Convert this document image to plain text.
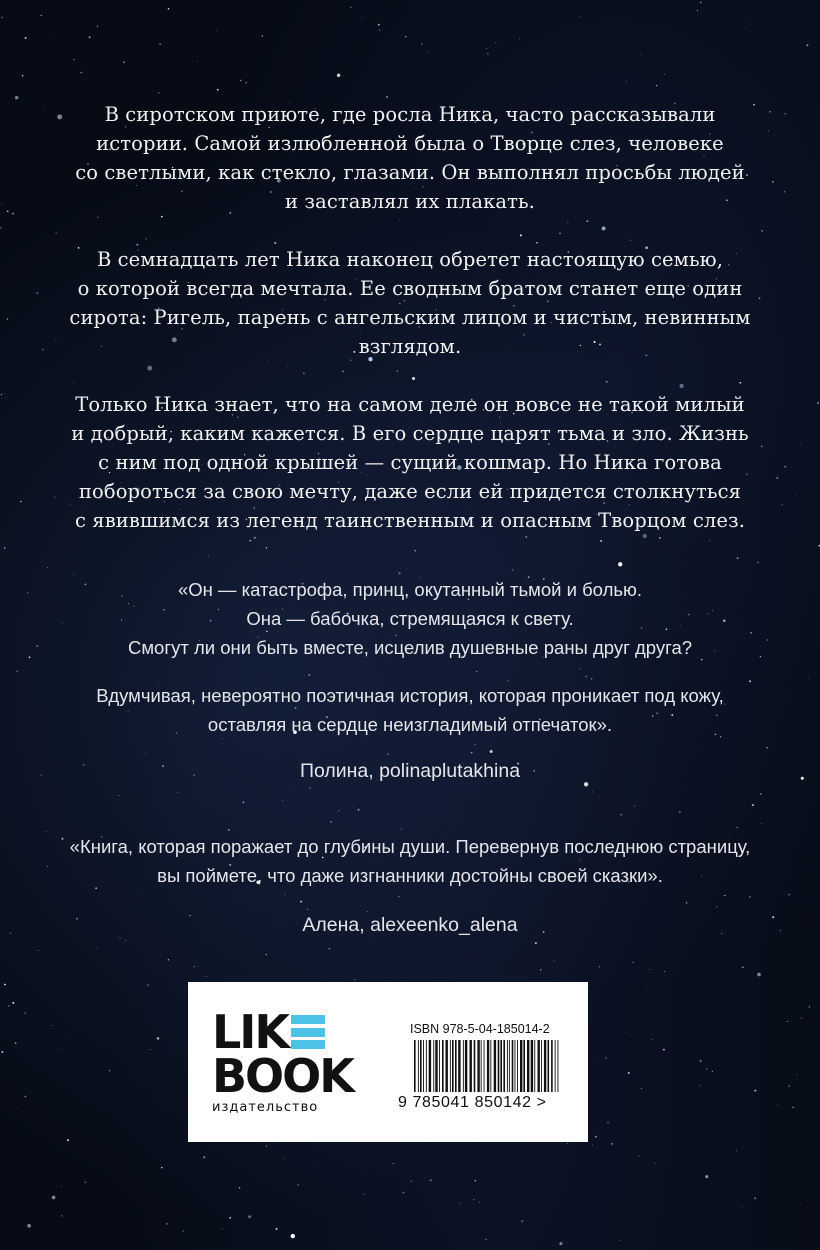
В сиротском приюте, где росла Ника, часто рассказывали
истории. Самой излюбленной была о Творце слез, человеке
со светлыми, как стекло, глазами. Он выполнял просьбы людей
и заставлял их плакать.
В семнадцать лет Ника наконец обретет настоящую семью,
о которой всегда мечтала. Ее сводным братом станет еще один
сирота: Ригель, парень с ангельским лицом и чистым, невинным
взглядом.
Только Ника знает, что на самом деле он вовсе не такой милый
и добрый, каким кажется. В его сердце царят тьма и зло. Жизнь
с ним под одной крышей — сущий кошмар. Но Ника готова
побороться за свою мечту, даже если ей придется столкнуться
с явившимся из легенд таинственным и опасным Творцом слез.
«Он — катастрофа, принц, окутанный тьмой и болью.
Она — бабочка, стремящаяся к свету.
Смогут ли они быть вместе, исцелив душевные раны друг друга?
Вдумчивая, невероятно поэтичная история, которая проникает под кожу,
оставляя на сердце неизгладимый отпечаток».
Полина, polinaplutakhina
«Книга, которая поражает до глубины души. Перевернув последнюю страницу,
вы поймете, что даже изгнанники достойны своей сказки».
Алена, alexeenko_alena
LIK
BOOK
издательство
ISBN 978-5-04-185014-2
9 785041 850142 >
